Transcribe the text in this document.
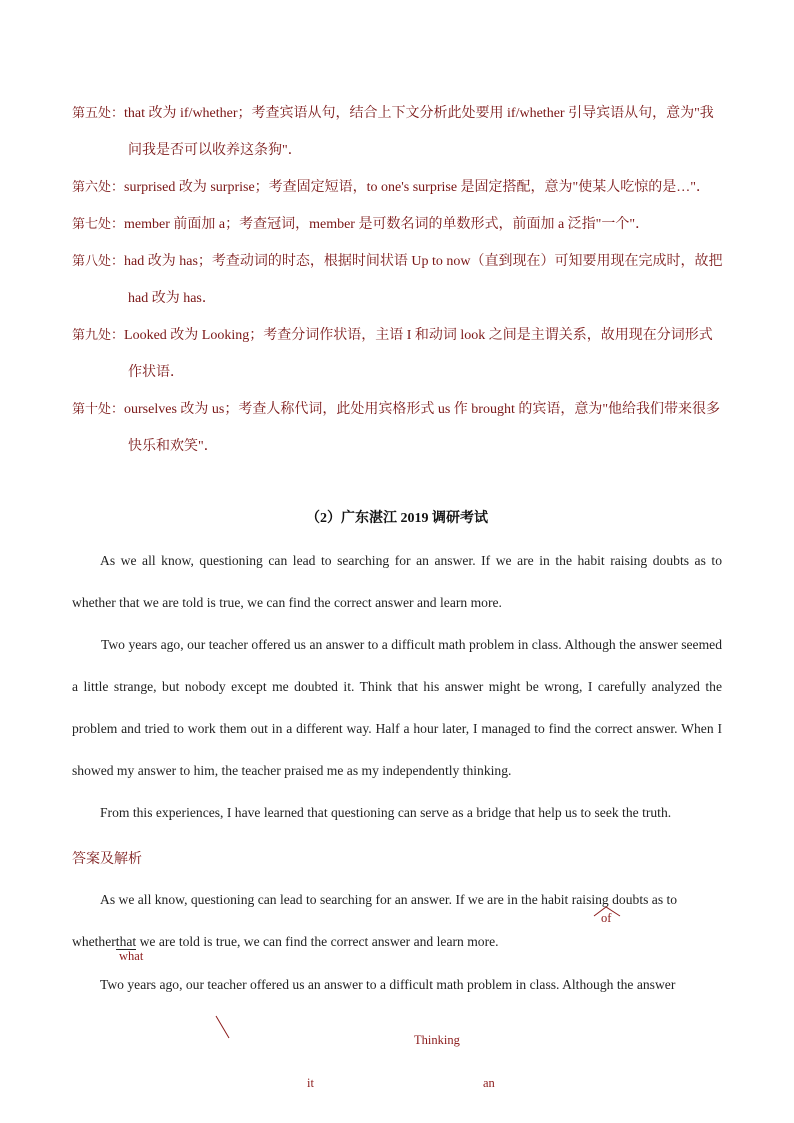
第五处：that 改为 if/whether；考查宾语从句，结合上下文分析此处要用 if/whether 引导宾语从句，意为"我
问我是否可以收养这条狗"．
第六处：surprised 改为 surprise；考查固定短语，to one's surprise 是固定搭配，意为"使某人吃惊的是…"．
第七处：member 前面加 a；考查冠词，member 是可数名词的单数形式，前面加 a 泛指"一个"．
第八处：had 改为 has；考查动词的时态，根据时间状语 Up to now（直到现在）可知要用现在完成时，故把
had 改为 has．
第九处：Looked 改为 Looking；考查分词作状语，主语 I 和动词 look 之间是主谓关系，故用现在分词形式
作状语．
第十处：ourselves 改为 us；考查人称代词，此处用宾格形式 us 作 brought 的宾语，意为"他给我们带来很多
快乐和欢笑"．
（2）广东湛江 2019 调研考试
As we all know, questioning can lead to searching for an answer. If we are in the habit raising doubts as to whether that we are told is true, we can find the correct answer and learn more.
Two years ago, our teacher offered us an answer to a difficult math problem in class. Although the answer seemed a little strange, but nobody except me doubted it. Think that his answer might be wrong, I carefully analyzed the problem and tried to work them out in a different way. Half a hour later, I managed to find the correct answer. When I showed my answer to him, the teacher praised me as my independently thinking.
From this experiences, I have learned that questioning can serve as a bridge that help us to seek the truth.
答案及解析
As we all know, questioning can lead to searching for an answer. If we are in the habit raising doubts as to
whetherthat we are told is true, we can find the correct answer and learn more.
of
what
Two years ago, our teacher offered us an answer to a difficult math problem in class. Although the answer
Thinking
it	an
